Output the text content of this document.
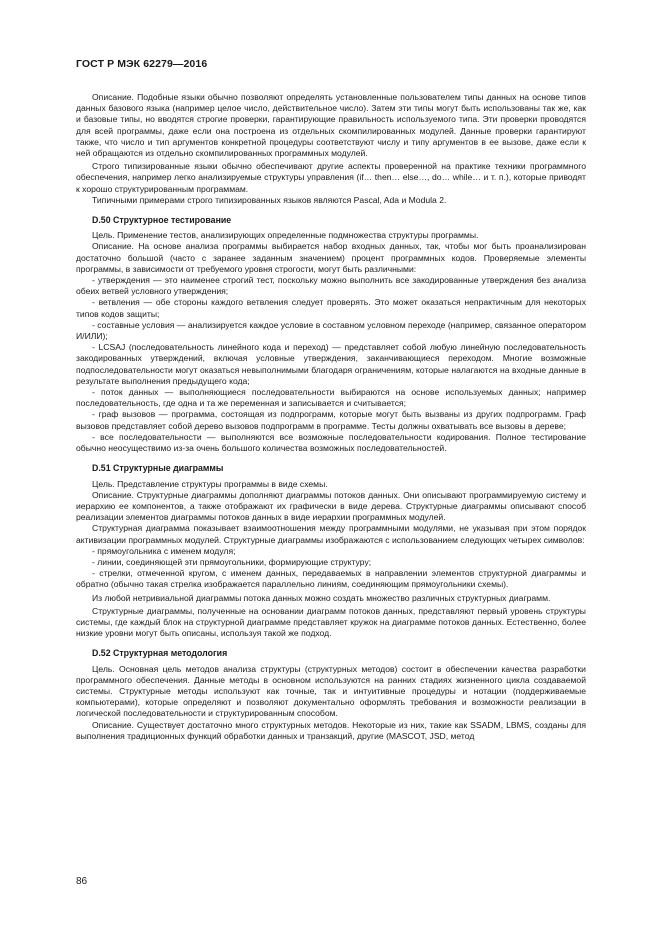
ГОСТ Р МЭК 62279—2016

Описание. Подобные языки обычно позволяют определять установленные пользователем типы данных на основе типов данных базового языка (например целое число, действительное число). Затем эти типы могут быть использованы так же, как и базовые типы, но вводятся строгие проверки, гарантирующие правильность используемого типа. Эти проверки проводятся для всей программы, даже если она построена из отдельных скомпилированных модулей. Данные проверки гарантируют также, что число и тип аргументов конкретной процедуры соответствуют числу и типу аргументов в ее вызове, даже если к ней обращаются из отдельно скомпилированных программных модулей.

Строго типизированные языки обычно обеспечивают другие аспекты проверенной на практике техники программного обеспечения, например легко анализируемые структуры управления (if… then… else…, do… while… и т. п.), которые приводят к хорошо структурированным программам.

Типичными примерами строго типизированных языков являются Pascal, Ada и Modula 2.

D.50 Структурное тестирование

Цель. Применение тестов, анализирующих определенные подмножества структуры программы.

Описание. На основе анализа программы выбирается набор входных данных, так, чтобы мог быть проанализирован достаточно большой (часто с заранее заданным значением) процент программных кодов. Проверяемые элементы программы, в зависимости от требуемого уровня строгости, могут быть различными:

- утверждения — это наименее строгий тест, поскольку можно выполнить все закодированные утверждения без анализа обеих ветвей условного утверждения;

- ветвления — обе стороны каждого ветвления следует проверять. Это может оказаться непрактичным для некоторых типов кодов защиты;

- составные условия — анализируется каждое условие в составном условном переходе (например, связанное оператором И/ИЛИ);

- LCSAJ (последовательность линейного кода и переход) — представляет собой любую линейную последовательность закодированных утверждений, включая условные утверждения, заканчивающиеся переходом. Многие возможные подпоследовательности могут оказаться невыполнимыми благодаря ограничениям, которые налагаются на входные данные в результате выполнения предыдущего кода;

- поток данных — выполняющиеся последовательности выбираются на основе используемых данных; например последовательность, где одна и та же переменная и записывается и считывается;

- граф вызовов — программа, состоящая из подпрограмм, которые могут быть вызваны из других подпрограмм. Граф вызовов представляет собой дерево вызовов подпрограмм в программе. Тесты должны охватывать все вызовы в дереве;

- все последовательности — выполняются все возможные последовательности кодирования. Полное тестирование обычно неосуществимо из-за очень большого количества возможных последовательностей.

D.51 Структурные диаграммы

Цель. Представление структуры программы в виде схемы.

Описание. Структурные диаграммы дополняют диаграммы потоков данных. Они описывают программируемую систему и иерархию ее компонентов, а также отображают их графически в виде дерева. Структурные диаграммы описывают способ реализации элементов диаграммы потоков данных в виде иерархии программных модулей.

Структурная диаграмма показывает взаимоотношения между программными модулями, не указывая при этом порядок активизации программных модулей. Структурные диаграммы изображаются с использованием следующих четырех символов:

- прямоугольника с именем модуля;

- линии, соединяющей эти прямоугольники, формирующие структуру;

- стрелки, отмеченной кругом, с именем данных, передаваемых в направлении элементов структурной диаграммы и обратно (обычно такая стрелка изображается параллельно линиям, соединяющим прямоугольники схемы).

Из любой нетривиальной диаграммы потока данных можно создать множество различных структурных диаграмм.

Структурные диаграммы, полученные на основании диаграмм потоков данных, представляют первый уровень структуры системы, где каждый блок на структурной диаграмме представляет кружок на диаграмме потоков данных. Естественно, более низкие уровни могут быть описаны, используя такой же подход.

D.52 Структурная методология

Цель. Основная цель методов анализа структуры (структурных методов) состоит в обеспечении качества разработки программного обеспечения. Данные методы в основном используются на ранних стадиях жизненного цикла создаваемой системы. Структурные методы используют как точные, так и интуитивные процедуры и нотации (поддерживаемые компьютерами), которые определяют и позволяют документально оформлять требования и возможности реализации в логической последовательности и структурированным способом.

Описание. Существует достаточно много структурных методов. Некоторые из них, такие как SSADM, LBMS, созданы для выполнения традиционных функций обработки данных и транзакций, другие (MASCOT, JSD, метод

86
